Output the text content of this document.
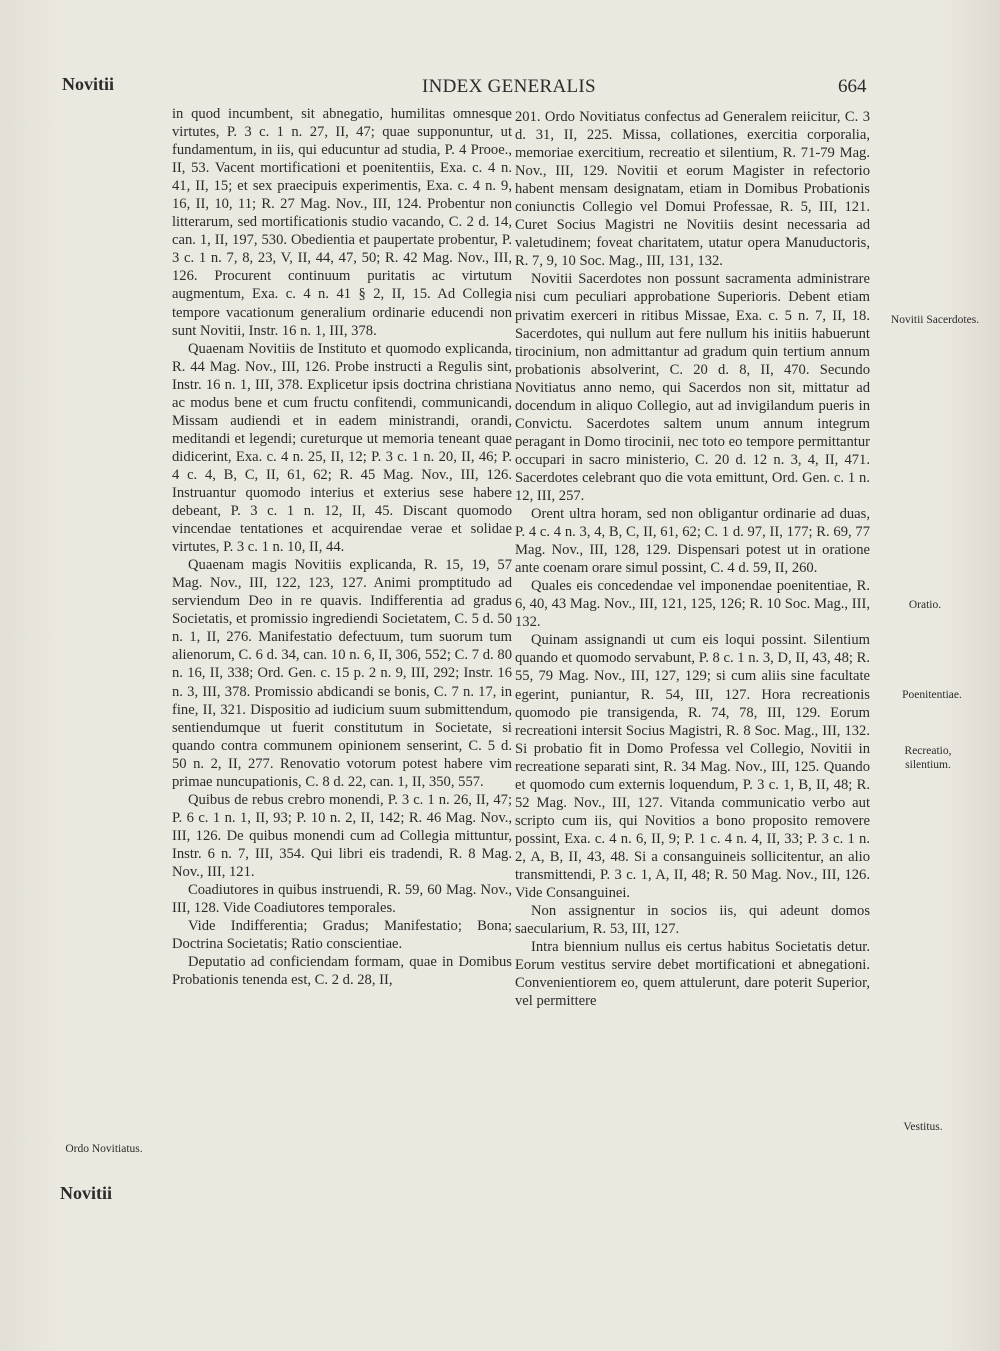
Novitii	INDEX GENERALIS	664

in quod incumbent, sit abnegatio, humilitas omnesque virtutes, P. 3 c. 1 n. 27, II, 47; quae supponuntur, ut fundamentum, in iis, qui educuntur ad studia, P. 4 Prooe., II, 53. Vacent mortificationi et poenitentiis, Exa. c. 4 n. 41, II, 15; et sex praecipuis experimentis, Exa. c. 4 n. 9, 16, II, 10, 11; R. 27 Mag. Nov., III, 124. Probentur non litterarum, sed mortificationis studio vacando, C. 2 d. 14, can. 1, II, 197, 530. Obedientia et paupertate probentur, P. 3 c. 1 n. 7, 8, 23, V, II, 44, 47, 50; R. 42 Mag. Nov., III, 126. Procurent continuum puritatis ac virtutum augmentum, Exa. c. 4 n. 41 § 2, II, 15. Ad Collegia tempore vacationum generalium ordinarie educendi non sunt Novitii, Instr. 16 n. 1, III, 378.

Quaenam Novitiis de Instituto et quomodo explicanda, R. 44 Mag. Nov., III, 126. Probe instructi a Regulis sint, Instr. 16 n. 1, III, 378. Explicetur ipsis doctrina christiana ac modus bene et cum fructu confitendi, communicandi, Missam audiendi et in eadem ministrandi, orandi, meditandi et legendi; cureturque ut memoria teneant quae didicerint, Exa. c. 4 n. 25, II, 12; P. 3 c. 1 n. 20, II, 46; P. 4 c. 4, B, C, II, 61, 62; R. 45 Mag. Nov., III, 126. Instruantur quomodo interius et exterius sese habere debeant, P. 3 c. 1 n. 12, II, 45. Discant quomodo vincendae tentationes et acquirendae verae et solidae virtutes, P. 3 c. 1 n. 10, II, 44.

Quaenam magis Novitiis explicanda, R. 15, 19, 57 Mag. Nov., III, 122, 123, 127. Animi promptitudo ad serviendum Deo in re quavis. Indifferentia ad gradus Societatis, et promissio ingrediendi Societatem, C. 5 d. 50 n. 1, II, 276. Manifestatio defectuum, tum suorum tum alienorum, C. 6 d. 34, can. 10 n. 6, II, 306, 552; C. 7 d. 80 n. 16, II, 338; Ord. Gen. c. 15 p. 2 n. 9, III, 292; Instr. 16 n. 3, III, 378. Promissio abdicandi se bonis, C. 7 n. 17, in fine, II, 321. Dispositio ad iudicium suum submittendum, sentiendumque ut fuerit constitutum in Societate, si quando contra communem opinionem senserint, C. 5 d. 50 n. 2, II, 277. Renovatio votorum potest habere vim primae nuncupationis, C. 8 d. 22, can. 1, II, 350, 557.

Quibus de rebus crebro monendi, P. 3 c. 1 n. 26, II, 47; P. 6 c. 1 n. 1, II, 93; P. 10 n. 2, II, 142; R. 46 Mag. Nov., III, 126. De quibus monendi cum ad Collegia mittuntur, Instr. 6 n. 7, III, 354. Qui libri eis tradendi, R. 8 Mag. Nov., III, 121.

Coadiutores in quibus instruendi, R. 59, 60 Mag. Nov., III, 128. Vide Coadiutores temporales.

Vide Indifferentia; Gradus; Manifestatio; Bona; Doctrina Societatis; Ratio conscientiae.

Deputatio ad conficiendam formam, quae in Domibus Probationis tenenda est, C. 2 d. 28, II,

201. Ordo Novitiatus confectus ad Generalem reiicitur, C. 3 d. 31, II, 225. Missa, collationes, exercitia corporalia, memoriae exercitium, recreatio et silentium, R. 71-79 Mag. Nov., III, 129. Novitii et eorum Magister in refectorio habent mensam designatam, etiam in Domibus Probationis coniunctis Collegio vel Domui Professae, R. 5, III, 121. Curet Socius Magistri ne Novitiis desint necessaria ad valetudinem; foveat charitatem, utatur opera Manuductoris, R. 7, 9, 10 Soc. Mag., III, 131, 132.

Novitii Sacerdotes non possunt sacramenta administrare nisi cum peculiari approbatione Superioris. Debent etiam privatim exerceri in ritibus Missae, Exa. c. 5 n. 7, II, 18. Sacerdotes, qui nullum aut fere nullum his initiis habuerunt tirocinium, non admittantur ad gradum quin tertium annum probationis absolverint, C. 20 d. 8, II, 470. Secundo Novitiatus anno nemo, qui Sacerdos non sit, mittatur ad docendum in aliquo Collegio, aut ad invigilandum pueris in Convictu. Sacerdotes saltem unum annum integrum peragant in Domo tirocinii, nec toto eo tempore permittantur occupari in sacro ministerio, C. 20 d. 12 n. 3, 4, II, 471. Sacerdotes celebrant quo die vota emittunt, Ord. Gen. c. 1 n. 12, III, 257.

Orent ultra horam, sed non obligantur ordinarie ad duas, P. 4 c. 4 n. 3, 4, B, C, II, 61, 62; C. 1 d. 97, II, 177; R. 69, 77 Mag. Nov., III, 128, 129. Dispensari potest ut in oratione ante coenam orare simul possint, C. 4 d. 59, II, 260.

Quales eis concedendae vel imponendae poenitentiae, R. 6, 40, 43 Mag. Nov., III, 121, 125, 126; R. 10 Soc. Mag., III, 132.

Quinam assignandi ut cum eis loqui possint. Silentium quando et quomodo servabunt, P. 8 c. 1 n. 3, D, II, 43, 48; R. 55, 79 Mag. Nov., III, 127, 129; si cum aliis sine facultate egerint, puniantur, R. 54, III, 127. Hora recreationis quomodo pie transigenda, R. 74, 78, III, 129. Eorum recreationi intersit Socius Magistri, R. 8 Soc. Mag., III, 132. Si probatio fit in Domo Professa vel Collegio, Novitii in recreatione separati sint, R. 34 Mag. Nov., III, 125. Quando et quomodo cum externis loquendum, P. 3 c. 1, B, II, 48; R. 52 Mag. Nov., III, 127. Vitanda communicatio verbo aut scripto cum iis, qui Novitios a bono proposito removere possint, Exa. c. 4 n. 6, II, 9; P. 1 c. 4 n. 4, II, 33; P. 3 c. 1 n. 2, A, B, II, 43, 48. Si a consanguineis sollicitentur, an alio transmittendi, P. 3 c. 1, A, II, 48; R. 50 Mag. Nov., III, 126. Vide Consanguinei.

Non assignentur in socios iis, qui adeunt domos saecularium, R. 53, III, 127.

Intra biennium nullus eis certus habitus Societatis detur. Eorum vestitus servire debet mortificationi et abnegationi. Convenientiorem eo, quem attulerunt, dare poterit Superior, vel permittere

Novitii Sacerdotes.
Oratio.
Poenitentiae.
Recreatio, silentium.
Vestitus.
Ordo Novitiatus.
Novitii
